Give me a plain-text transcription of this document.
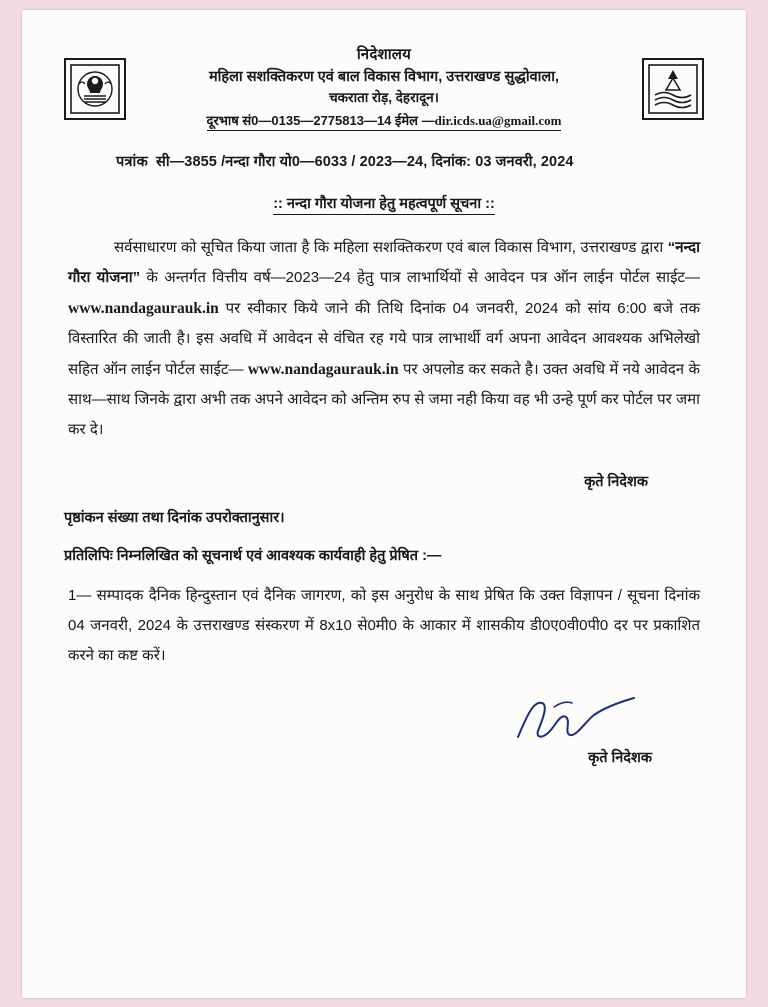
निदेशालय
महिला सशक्तिकरण एवं बाल विकास विभाग, उत्तराखण्ड सुद्धोवाला,
चकराता रोड़, देहरादून।
दूरभाष सं0—0135—2775813—14 ईमेल —dir.icds.ua@gmail.com
पत्रांक सी—3855 /नन्दा गौरा यो0—6033 / 2023—24, दिनांक: 03 जनवरी, 2024
:: नन्दा गौरा योजना हेतु महत्वपूर्ण सूचना ::
सर्वसाधारण को सूचित किया जाता है कि महिला सशक्तिकरण एवं बाल विकास विभाग, उत्तराखण्ड द्वारा “नन्दा गौरा योजना” के अन्तर्गत वित्तीय वर्ष—2023—24 हेतु पात्र लाभार्थियों से आवेदन पत्र ऑन लाईन पोर्टल साईट—www.nandagaurauk.in पर स्वीकार किये जाने की तिथि दिनांक 04 जनवरी, 2024 को सांय 6:00 बजे तक विस्तारित की जाती है। इस अवधि में आवेदन से वंचित रह गये पात्र लाभार्थी वर्ग अपना आवेदन आवश्यक अभिलेखो सहित ऑन लाईन पोर्टल साईट— www.nandagaurauk.in पर अपलोड कर सकते है। उक्त अवधि में नये आवेदन के साथ—साथ जिनके द्वारा अभी तक अपने आवेदन को अन्तिम रुप से जमा नही किया वह भी उन्हे पूर्ण कर पोर्टल पर जमा कर दे।
कृते निदेशक
पृष्ठांकन संख्या तथा दिनांक उपरोक्तानुसार।
प्रतिलिपिः निम्नलिखित को सूचनार्थ एवं आवश्यक कार्यवाही हेतु प्रेषित :—
1— सम्पादक दैनिक हिन्दुस्तान एवं दैनिक जागरण, को इस अनुरोध के साथ प्रेषित कि उक्त विज्ञापन / सूचना दिनांक 04 जनवरी, 2024 के उत्तराखण्ड संस्करण में 8x10 से0मी0 के आकार में शासकीय डी0ए0वी0पी0 दर पर प्रकाशित करने का कष्ट करें।
कृते निदेशक
